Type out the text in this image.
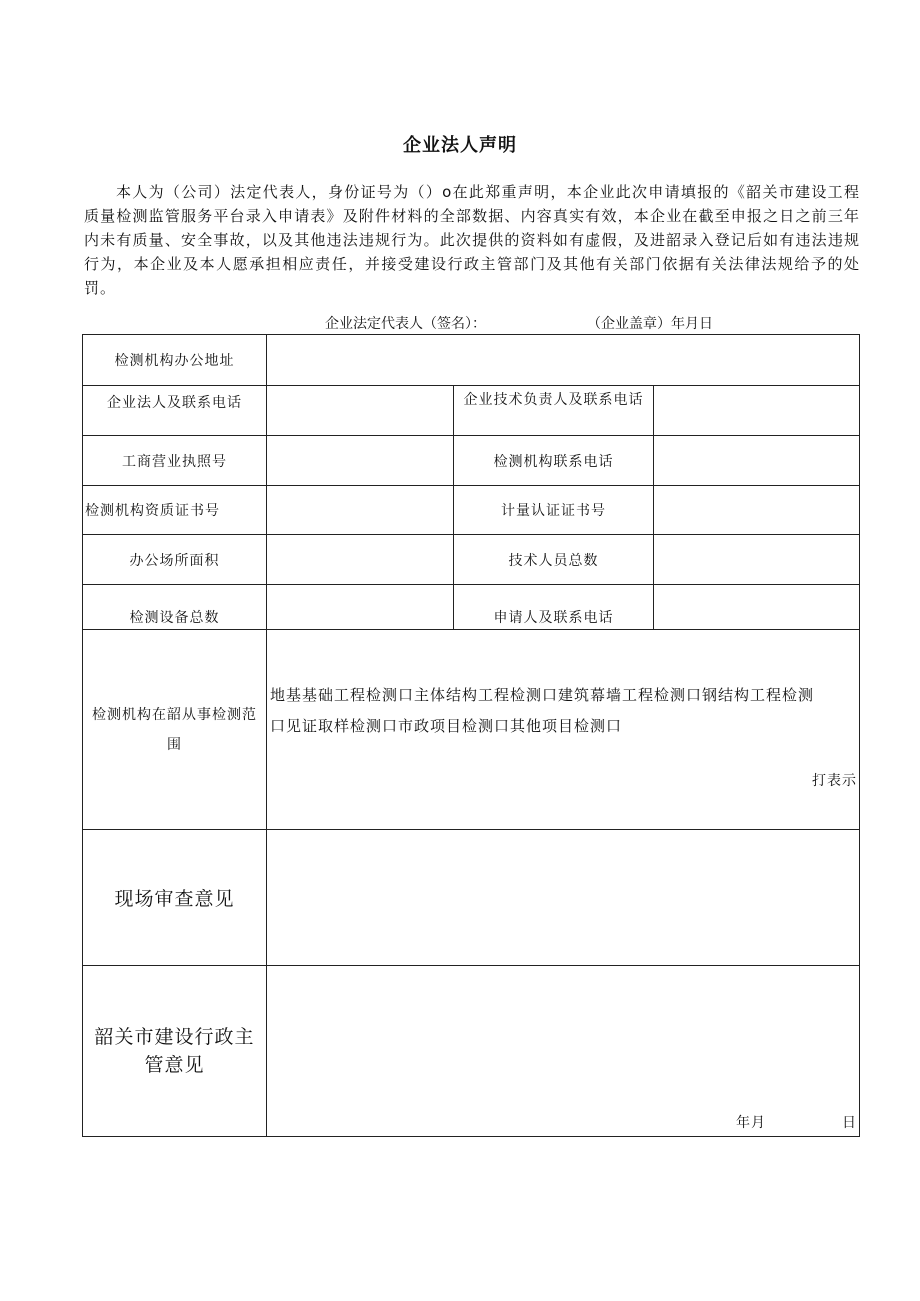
企业法人声明
本人为（公司）法定代表人，身份证号为（）o在此郑重声明，本企业此次申请填报的《韶关市建设工程质量检测监管服务平台录入申请表》及附件材料的全部数据、内容真实有效，本企业在截至申报之日之前三年内未有质量、安全事故，以及其他违法违规行为。此次提供的资料如有虚假，及进韶录入登记后如有违法违规行为，本企业及本人愿承担相应责任，并接受建设行政主管部门及其他有关部门依据有关法律法规给予的处罚。
企业法定代表人（签名）：	（企业盖章）年月日
检测机构办公地址			
企业法人及联系电话		企业技术负责人及联系电话	
工商营业执照号		检测机构联系电话	
检测机构资质证书号		计量认证证书号	
办公场所面积		技术人员总数	
检测设备总数		申请人及联系电话	
检测机构在韶从事检测范围	地基基础工程检测口主体结构工程检测口建筑幕墙工程检测口钢结构工程检测
口见证取样检测口市政项目检测口其他项目检测口
打表示		

现场审查意见			
韶关市建设行政主管意见	年月 日		
